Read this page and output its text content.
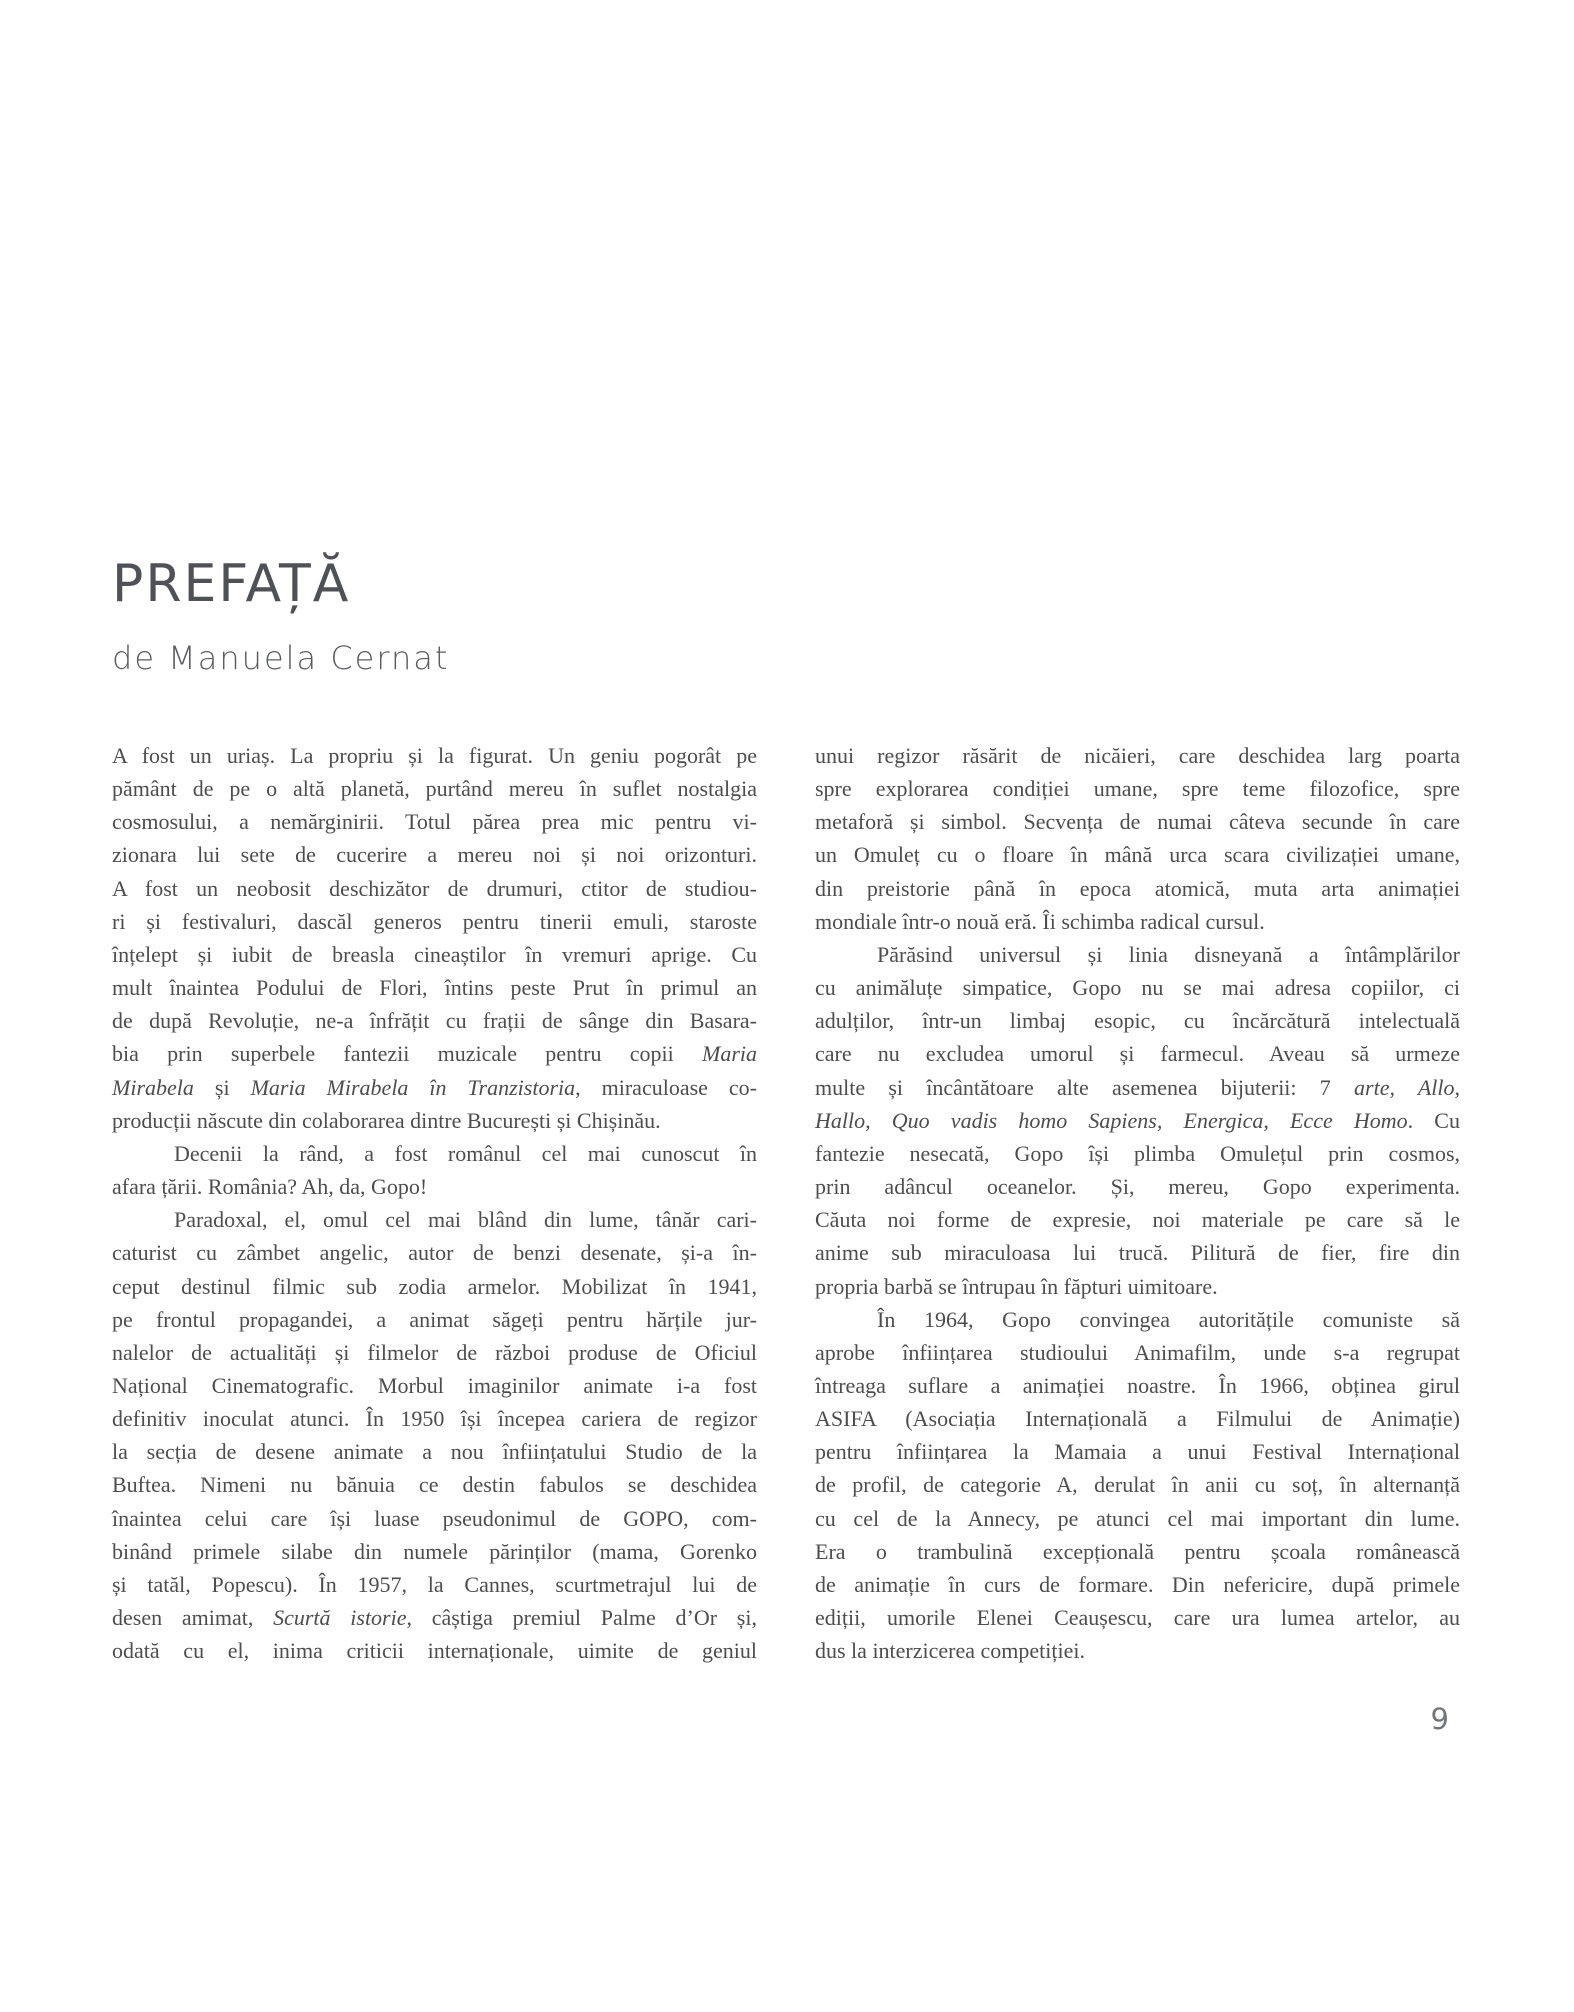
PREFAȚĂ
de Manuela Cernat
A fost un uriaș. La propriu și la figurat. Un geniu pogorât pe
pământ de pe o altă planetă, purtând mereu în suflet nostalgia
cosmosului, a nemărginirii. Totul părea prea mic pentru vi-
zionara lui sete de cucerire a mereu noi și noi orizonturi.
A fost un neobosit deschizător de drumuri, ctitor de studiou-
ri și festivaluri, dascăl generos pentru tinerii emuli, staroste
înțelept și iubit de breasla cineaștilor în vremuri aprige. Cu
mult înaintea Podului de Flori, întins peste Prut în primul an
de după Revoluție, ne-a înfrățit cu frații de sânge din Basara-
bia prin superbele fantezii muzicale pentru copii Maria
Mirabela și Maria Mirabela în Tranzistoria, miraculoase co-
producții născute din colaborarea dintre București și Chișinău.
Decenii la rând, a fost românul cel mai cunoscut în
afara țării. România? Ah, da, Gopo!
Paradoxal, el, omul cel mai blând din lume, tânăr cari-
caturist cu zâmbet angelic, autor de benzi desenate, și-a în-
ceput destinul filmic sub zodia armelor. Mobilizat în 1941,
pe frontul propagandei, a animat săgeți pentru hărțile jur-
nalelor de actualități și filmelor de război produse de Oficiul
Național Cinematografic. Morbul imaginilor animate i-a fost
definitiv inoculat atunci. În 1950 își începea cariera de regizor
la secția de desene animate a nou înființatului Studio de la
Buftea. Nimeni nu bănuia ce destin fabulos se deschidea
înaintea celui care își luase pseudonimul de GOPO, com-
binând primele silabe din numele părinților (mama, Gorenko
și tatăl, Popescu). În 1957, la Cannes, scurtmetrajul lui de
desen amimat, Scurtă istorie, câștiga premiul Palme d’Or și,
odată cu el, inima criticii internaționale, uimite de geniul
unui regizor răsărit de nicăieri, care deschidea larg poarta
spre explorarea condiției umane, spre teme filozofice, spre
metaforă și simbol. Secvența de numai câteva secunde în care
un Omuleț cu o floare în mână urca scara civilizației umane,
din preistorie până în epoca atomică, muta arta animației
mondiale într-o nouă eră. Îi schimba radical cursul.
Părăsind universul și linia disneyană a întâmplărilor
cu animăluțe simpatice, Gopo nu se mai adresa copiilor, ci
adulților, într-un limbaj esopic, cu încărcătură intelectuală
care nu excludea umorul și farmecul. Aveau să urmeze
multe și încântătoare alte asemenea bijuterii: 7 arte, Allo,
Hallo, Quo vadis homo Sapiens, Energica, Ecce Homo. Cu
fantezie nesecată, Gopo își plimba Omulețul prin cosmos,
prin adâncul oceanelor. Și, mereu, Gopo experimenta.
Căuta noi forme de expresie, noi materiale pe care să le
anime sub miraculoasa lui trucă. Pilitură de fier, fire din
propria barbă se întrupau în făpturi uimitoare.
În 1964, Gopo convingea autoritățile comuniste să
aprobe înființarea studioului Animafilm, unde s-a regrupat
întreaga suflare a animației noastre. În 1966, obținea girul
ASIFA (Asociația Internațională a Filmului de Animație)
pentru înființarea la Mamaia a unui Festival Internațional
de profil, de categorie A, derulat în anii cu soț, în alternanță
cu cel de la Annecy, pe atunci cel mai important din lume.
Era o trambulină excepțională pentru școala românească
de animație în curs de formare. Din nefericire, după primele
ediții, umorile Elenei Ceaușescu, care ura lumea artelor, au
dus la interzicerea competiției.
9
